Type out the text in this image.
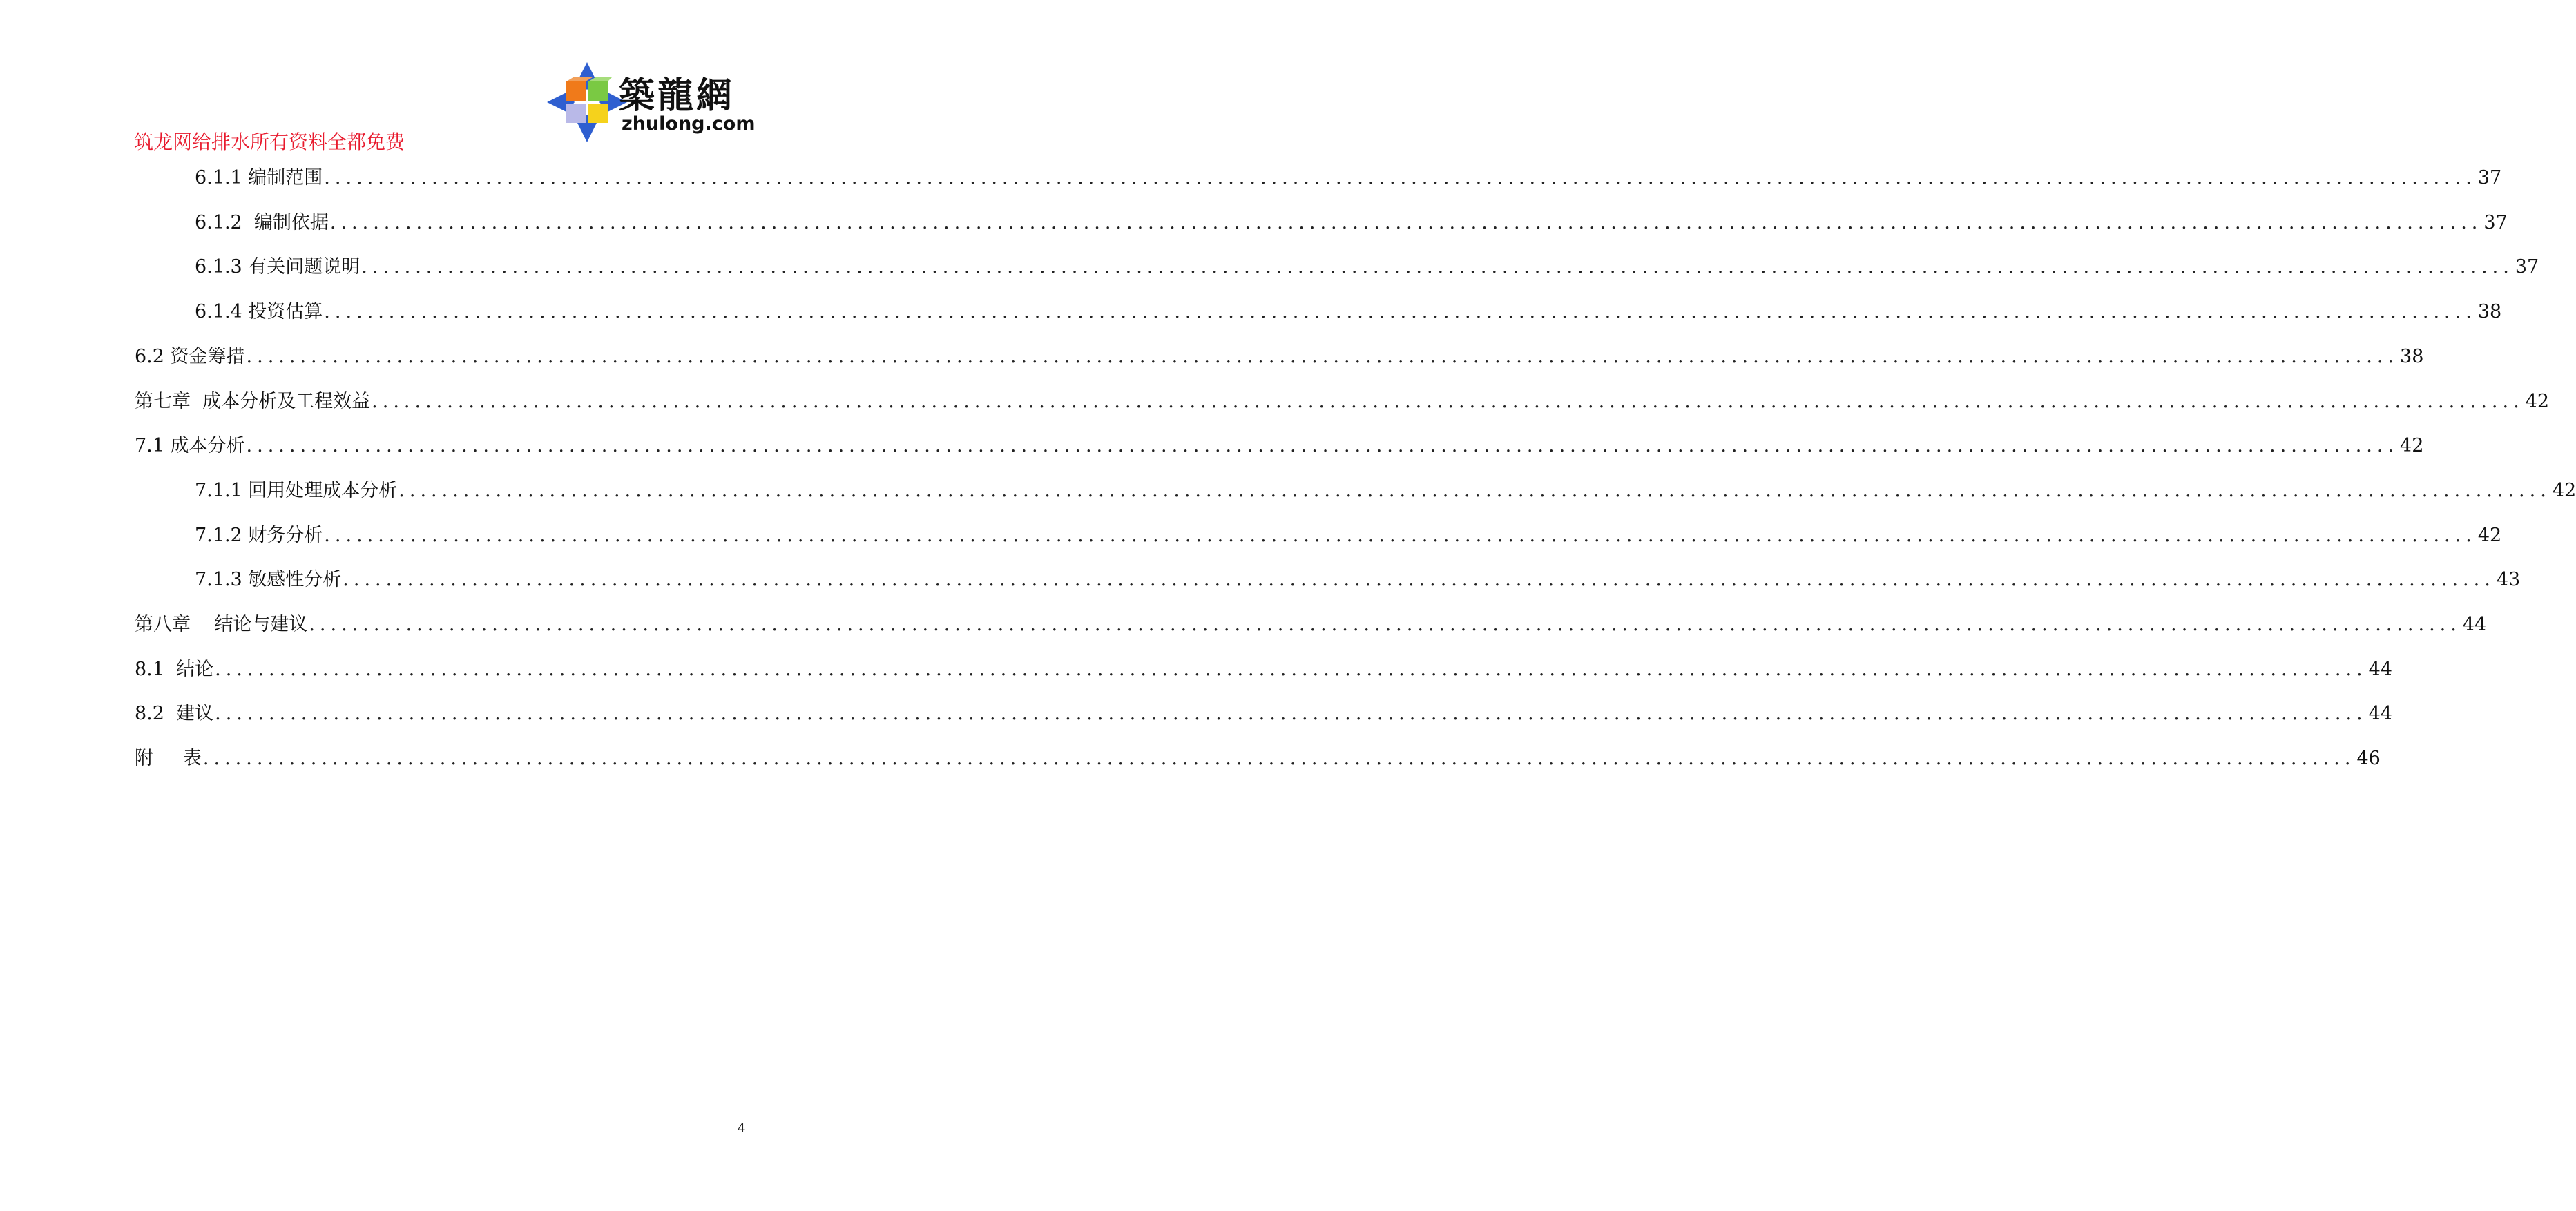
築龍網
zhulong.com
筑龙网给排水所有资料全都免费
6.1.1 编制范围 ........................................................................................................................................................................................................ 37
6.1.2  编制依据 ........................................................................................................................................................................................................ 37
6.1.3 有关问题说明 ........................................................................................................................................................................................................ 37
6.1.4 投资估算 ........................................................................................................................................................................................................ 38
6.2 资金筹措 ........................................................................................................................................................................................................ 38
第七章  成本分析及工程效益 ........................................................................................................................................................................................................ 42
7.1 成本分析 ........................................................................................................................................................................................................ 42
7.1.1 回用处理成本分析 ........................................................................................................................................................................................................ 42
7.1.2 财务分析 ........................................................................................................................................................................................................ 42
7.1.3 敏感性分析 ........................................................................................................................................................................................................ 43
第八章    结论与建议 ........................................................................................................................................................................................................ 44
8.1  结论 ........................................................................................................................................................................................................ 44
8.2  建议 ........................................................................................................................................................................................................ 44
附     表 ........................................................................................................................................................................................................ 46
4
